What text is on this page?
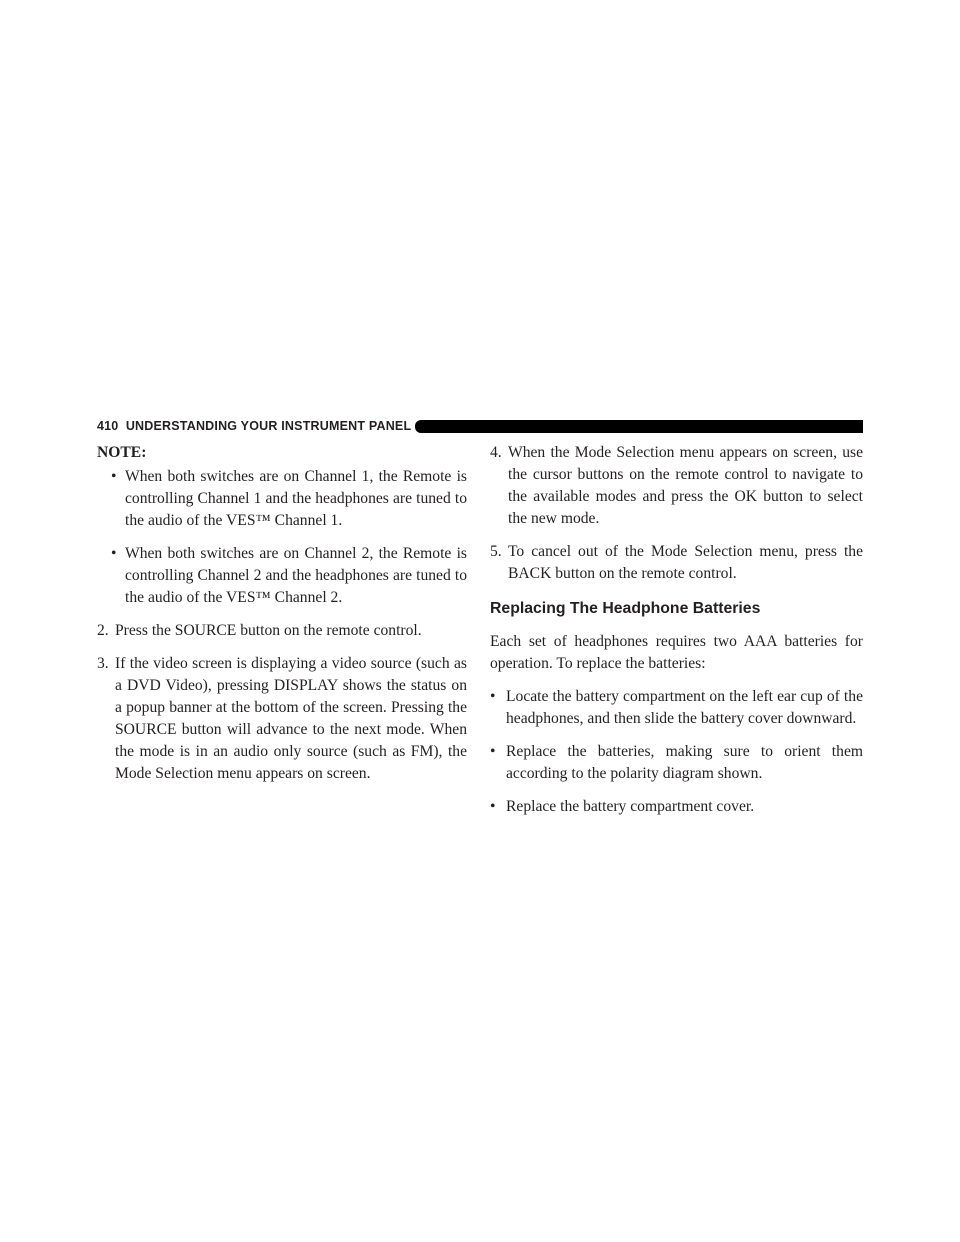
410 UNDERSTANDING YOUR INSTRUMENT PANEL

NOTE:

• When both switches are on Channel 1, the Remote is controlling Channel 1 and the headphones are tuned to the audio of the VES™ Channel 1.
• When both switches are on Channel 2, the Remote is controlling Channel 2 and the headphones are tuned to the audio of the VES™ Channel 2.
2. Press the SOURCE button on the remote control.
3. If the video screen is displaying a video source (such as a DVD Video), pressing DISPLAY shows the status on a popup banner at the bottom of the screen. Pressing the SOURCE button will advance to the next mode. When the mode is in an audio only source (such as FM), the Mode Selection menu appears on screen.
4. When the Mode Selection menu appears on screen, use the cursor buttons on the remote control to navigate to the available modes and press the OK button to select the new mode.
5. To cancel out of the Mode Selection menu, press the BACK button on the remote control.
Replacing The Headphone Batteries

Each set of headphones requires two AAA batteries for operation. To replace the batteries:

• Locate the battery compartment on the left ear cup of the headphones, and then slide the battery cover downward.
• Replace the batteries, making sure to orient them according to the polarity diagram shown.
• Replace the battery compartment cover.
